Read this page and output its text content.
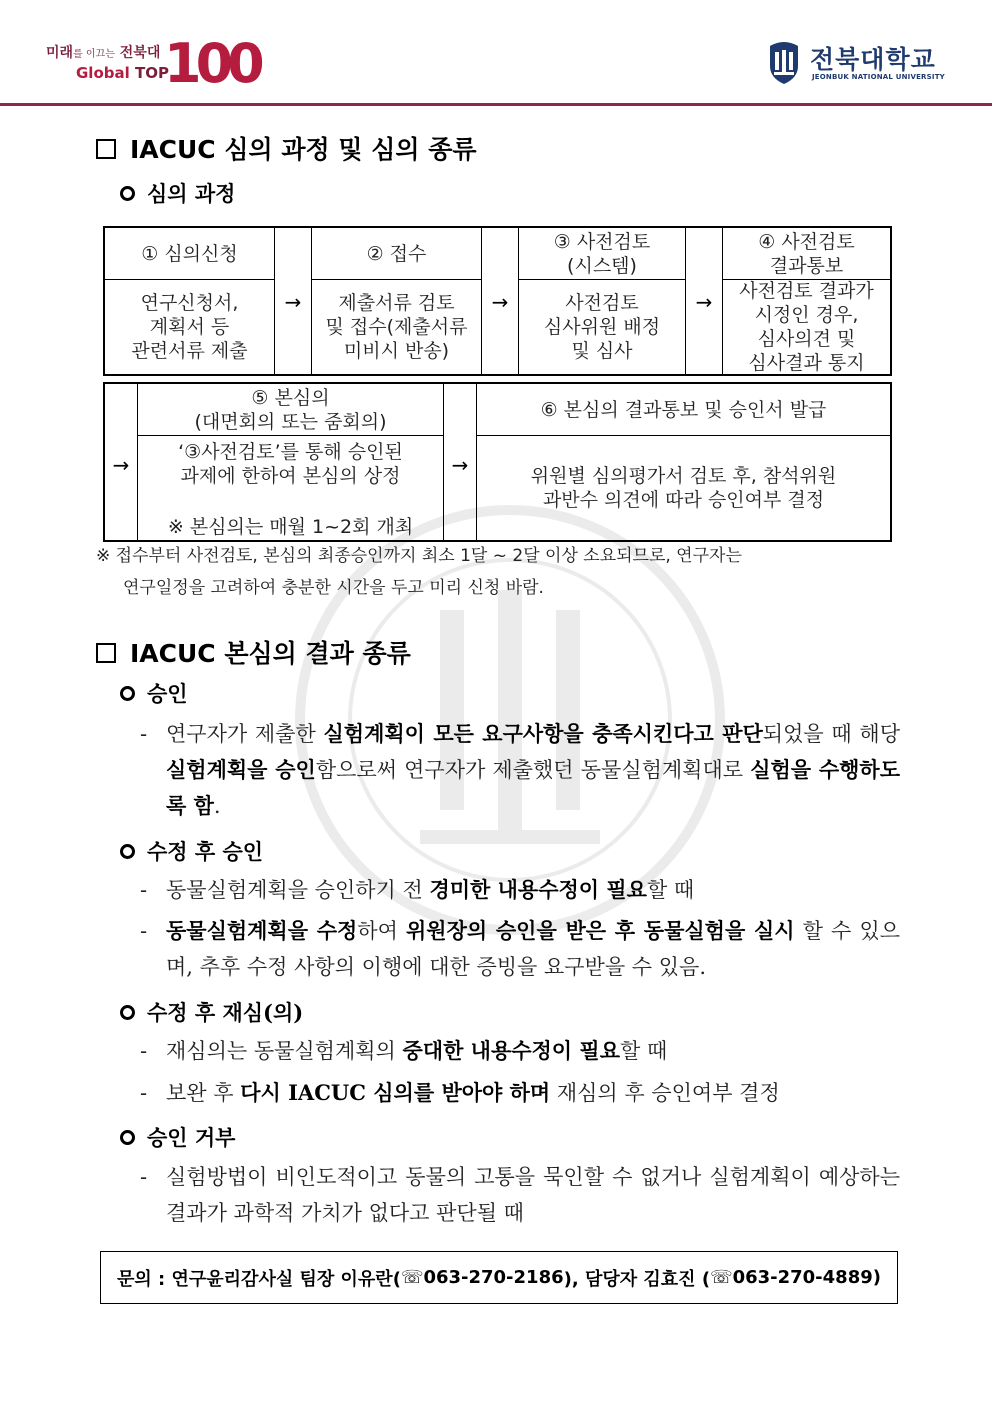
미래를 이끄는 전북대
Global TOP
100	전북대학교
JEONBUK NATIONAL UNIVERSITY
IACUC 심의 과정 및 심의 종류
심의 과정
① 심의신청
연구신청서,
계획서 등
관련서류 제출
→
② 접수
제출서류 검토
및 접수(제출서류
미비시 반송)
→
③ 사전검토
(시스템)
사전검토
심사위원 배정
및 심사
→
④ 사전검토
결과통보
사전검토 결과가
시정인 경우,
심사의견 및
심사결과 통지
→
⑤ 본심의
(대면회의 또는 줌회의)
‘③사전검토’를 통해 승인된
과제에 한하여 본심의 상정
※ 본심의는 매월 1~2회 개최
→
⑥ 본심의 결과통보 및 승인서 발급
위원별 심의평가서 검토 후, 참석위원
과반수 의견에 따라 승인여부 결정
※ 접수부터 사전검토, 본심의 최종승인까지 최소 1달 ~ 2달 이상 소요되므로, 연구자는
연구일정을 고려하여 충분한 시간을 두고 미리 신청 바람.
IACUC 본심의 결과 종류
승인
- 연구자가 제출한 실험계획이 모든 요구사항을 충족시킨다고 판단되었을 때 해당 실험계획을 승인함으로써 연구자가 제출했던 동물실험계획대로 실험을 수행하도록 함.
수정 후 승인
- 동물실험계획을 승인하기 전 경미한 내용수정이 필요할 때
- 동물실험계획을 수정하여 위원장의 승인을 받은 후 동물실험을 실시 할 수 있으며, 추후 수정 사항의 이행에 대한 증빙을 요구받을 수 있음.
수정 후 재심(의)
- 재심의는 동물실험계획의 중대한 내용수정이 필요할 때
- 보완 후 다시 IACUC 심의를 받아야 하며 재심의 후 승인여부 결정
승인 거부
- 실험방법이 비인도적이고 동물의 고통을 묵인할 수 없거나 실험계획이 예상하는 결과가 과학적 가치가 없다고 판단될 때
문의 : 연구윤리감사실 팀장 이유란( ☏ 063-270-2186 ), 담당자 김효진 ( ☏ 063-270-4889 )
